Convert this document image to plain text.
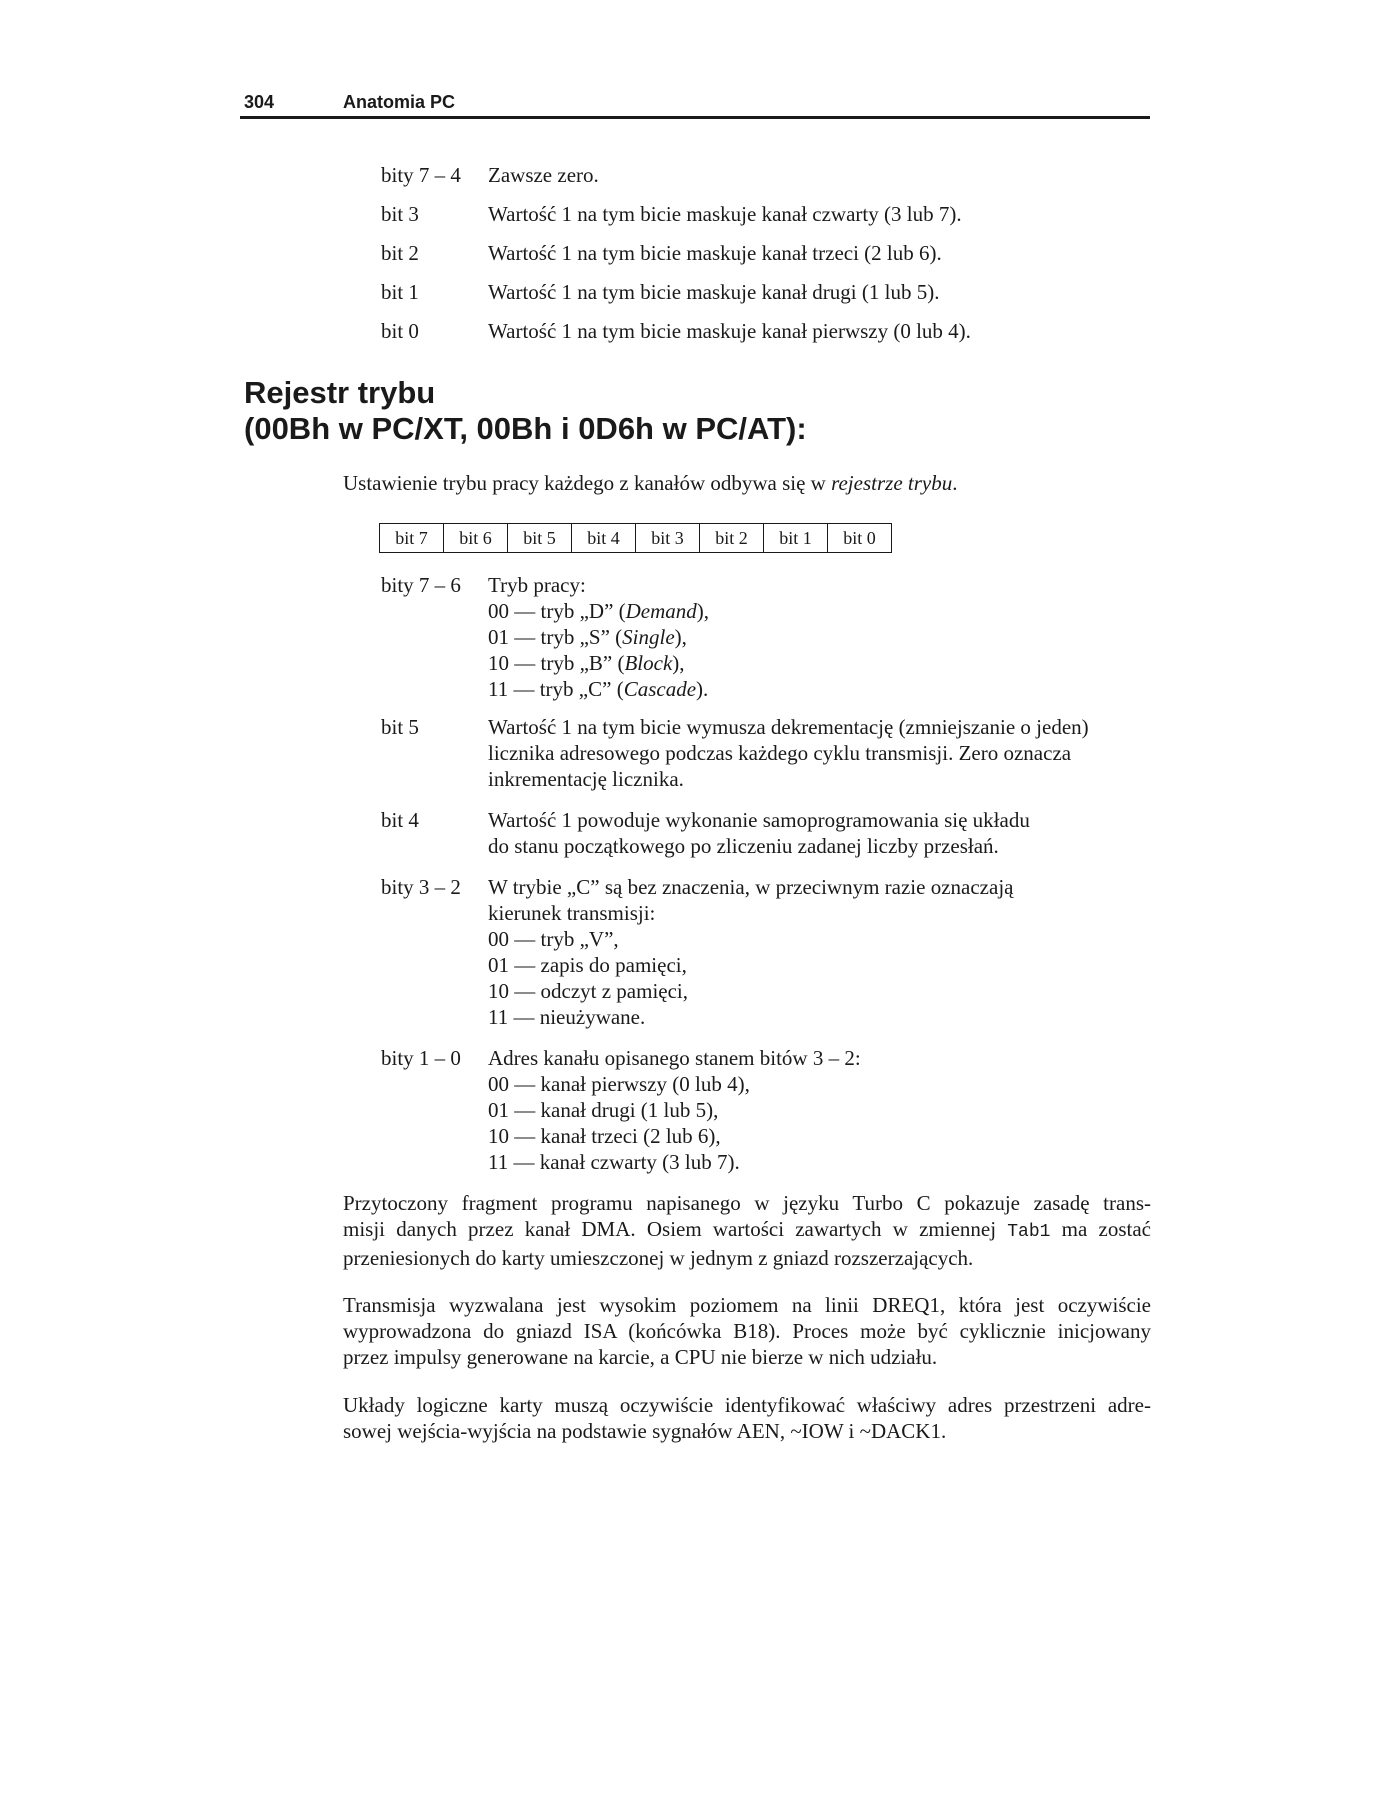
304	Anatomia PC
bity 7 – 4	Zawsze zero.
bit 3	Wartość 1 na tym bicie maskuje kanał czwarty (3 lub 7).
bit 2	Wartość 1 na tym bicie maskuje kanał trzeci (2 lub 6).
bit 1	Wartość 1 na tym bicie maskuje kanał drugi (1 lub 5).
bit 0	Wartość 1 na tym bicie maskuje kanał pierwszy (0 lub 4).
Rejestr trybu
(00Bh w PC/XT, 00Bh i 0D6h w PC/AT):
Ustawienie trybu pracy każdego z kanałów odbywa się w rejestrze trybu.
bit 7	bit 6	bit 5	bit 4	bit 3	bit 2	bit 1	bit 0
bity 7 – 6	Tryb pracy:
00 — tryb „D” (Demand),
01 — tryb „S” (Single),
10 — tryb „B” (Block),
11 — tryb „C” (Cascade).
bit 5	Wartość 1 na tym bicie wymusza dekrementację (zmniejszanie o jeden)
licznika adresowego podczas każdego cyklu transmisji. Zero oznacza
inkrementację licznika.
bit 4	Wartość 1 powoduje wykonanie samoprogramowania się układu
do stanu początkowego po zliczeniu zadanej liczby przesłań.
bity 3 – 2	W trybie „C” są bez znaczenia, w przeciwnym razie oznaczają
kierunek transmisji:
00 — tryb „V”,
01 — zapis do pamięci,
10 — odczyt z pamięci,
11 — nieużywane.
bity 1 – 0	Adres kanału opisanego stanem bitów 3 – 2:
00 — kanał pierwszy (0 lub 4),
01 — kanał drugi (1 lub 5),
10 — kanał trzeci (2 lub 6),
11 — kanał czwarty (3 lub 7).

Przytoczony fragment programu napisanego w języku Turbo C pokazuje zasadę trans-
misji danych przez kanał DMA. Osiem wartości zawartych w zmiennej Tab1 ma zostać
przeniesionych do karty umieszczonej w jednym z gniazd rozszerzających.

Transmisja wyzwalana jest wysokim poziomem na linii DREQ1, która jest oczywiście
wyprowadzona do gniazd ISA (końcówka B18). Proces może być cyklicznie inicjowany
przez impulsy generowane na karcie, a CPU nie bierze w nich udziału.

Układy logiczne karty muszą oczywiście identyfikować właściwy adres przestrzeni adre-
sowej wejścia-wyjścia na podstawie sygnałów AEN, ~IOW i ~DACK1.
